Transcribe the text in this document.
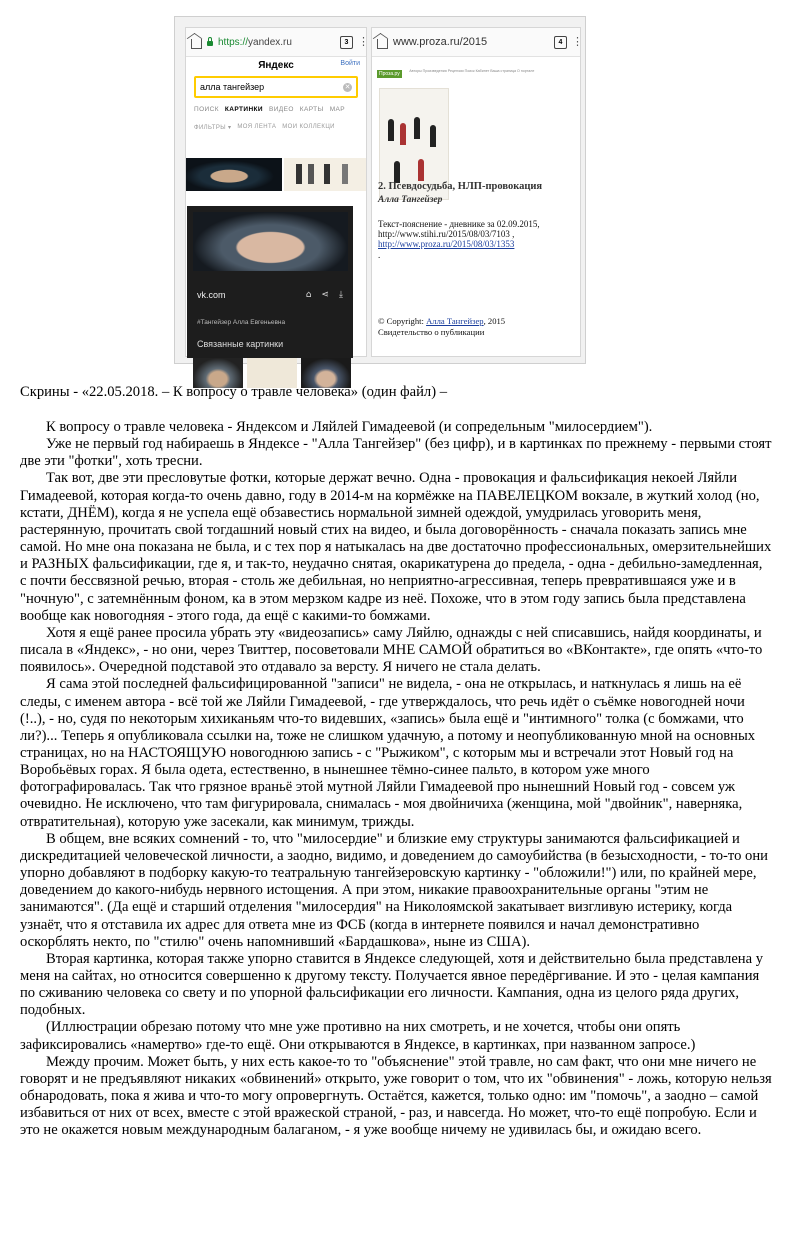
https://yandex.ru	3 ⋮
Яндекс	Войти
алла тангейзер	✕
ПОИСК КАРТИНКИ ВИДЕО КАРТЫ МАР
ФИЛЬТРЫ ▾ МОЯ ЛЕНТА МОИ КОЛЛЕКЦИ
vk.com	⌂ ⋖ ⤓
#Тангейзер Алла Евгеньевна
Связанные картинки
www.proza.ru/2015	4 ⋮
Проза.ру Авторы Произведения Рецензии Поиск Кабинет Ваша страница О портале
2. Псевдосудьба, НЛП-провокация
Алла Тангейзер
Текст-пояснение - дневнике за 02.09.2015,
http://www.stihi.ru/2015/08/03/7103 ,
http://www.proza.ru/2015/08/03/1353
.
© Copyright: Алла Тангейзер, 2015
Свидетельство о публикации
Скрины - «22.05.2018. – К вопросу о травле человека» (один файл) –

К вопросу о травле человека - Яндексом и Ляйлей Гимадеевой (и сопредельным "милосердием").

Уже не первый год набираешь в Яндексе - "Алла Тангейзер" (без цифр), и в картинках по прежнему - первыми стоят две эти "фотки", хоть тресни.

Так вот, две эти пресловутые фотки, которые держат вечно. Одна - провокация и фальсификация некоей Ляйли Гимадеевой, которая когда-то очень давно, году в 2014-м на кормёжке на ПАВЕЛЕЦКОМ вокзале, в жуткий холод (но, кстати, ДНЁМ), когда я не успела ещё обзавестись нормальной зимней одеждой, умудрилась уговорить меня, растерянную, прочитать свой тогдашний новый стих на видео, и была договорённость - сначала показать запись мне самой. Но мне она показана не была, и с тех пор я натыкалась на две достаточно профессиональных, омерзительнейших и РАЗНЫХ фальсификации, где я, и так-то, неудачно снятая, окарикатурена до предела, - одна - дебильно-замедленная, с почти бессвязной речью, вторая - столь же дебильная, но неприятно-агрессивная, теперь превратившаяся уже и в "ночную", с затемнённым фоном, ка в этом мерзком кадре из неё. Похоже, что в этом году запись была представлена вообще как новогодняя - этого года, да ещё с какими-то бомжами.

Хотя я ещё ранее просила убрать эту «видеозапись» саму Ляйлю, однажды с ней списавшись, найдя координаты, и писала в «Яндекс», - но они, через Твиттер, посоветовали МНЕ САМОЙ обратиться во «ВКонтакте», где опять «что-то появилось». Очередной подставой это отдавало за версту. Я ничего не стала делать.

Я сама этой последней фальсифицированной "записи" не видела, - она не открылась, и наткнулась я лишь на её следы, с именем автора - всё той же Ляйли Гимадеевой, - где утверждалось, что речь идёт о съёмке новогодней ночи (!..), - но, судя по некоторым хихиканьям что-то видевших, «запись» была ещё и "интимного" толка (с бомжами, что ли?)... Теперь я опубликовала ссылки на, тоже не слишком удачную, а потому и неопубликованную мной на основных страницах, но на НАСТОЯЩУЮ новогоднюю запись - с "Рыжиком", с которым мы и встречали этот Новый год на Воробьёвых горах. Я была одета, естественно, в нынешнее тёмно-синее пальто, в котором уже много фотографировалась. Так что грязное враньё этой мутной Ляйли Гимадеевой про нынешний Новый год - совсем уж очевидно. Не исключено, что там фигурировала, снималась - моя двойничиха (женщина, мой "двойник", наверняка, отвратительная), которую уже засекали, как минимум, трижды.

В общем, вне всяких сомнений - то, что "милосердие" и близкие ему структуры занимаются фальсификацией и дискредитацией человеческой личности, а заодно, видимо, и доведением до самоубийства (в безысходности, - то-то они упорно добавляют в подборку какую-то театральную тангейзеровскую картинку - "обложили!") или, по крайней мере, доведением до какого-нибудь нервного истощения. А при этом, никакие правоохранительные органы "этим не занимаются". (Да ещё и старший отделения "милосердия" на Николоямской закатывает визгливую истерику, когда узнаёт, что я отставила их адрес для ответа мне из ФСБ (когда в интернете появился и начал демонстративно оскорблять некто, по "стилю" очень напомнивший «Бардашкова», ныне из США).

Вторая картинка, которая также упорно ставится в Яндексе следующей, хотя и действительно была представлена у меня на сайтах, но относится совершенно к другому тексту. Получается явное передёргивание. И это - целая кампания по сживанию человека со свету и по упорной фальсификации его личности. Кампания, одна из целого ряда других, подобных.

(Иллюстрации обрезаю потому что мне уже противно на них смотреть, и не хочется, чтобы они опять зафиксировались «намертво» где-то ещё. Они открываются в Яндексе, в картинках, при названном запросе.)

Между прочим. Может быть, у них есть какое-то то "объяснение" этой травле, но сам факт, что они мне ничего не говорят и не предъявляют никаких «обвинений» открыто, уже говорит о том, что их "обвинения" - ложь, которую нельзя обнародовать, пока я жива и что-то могу опровергнуть. Остаётся, кажется, только одно: им "помочь", а заодно – самой избавиться от них от всех, вместе с этой вражеской страной, - раз, и навсегда. Но может, что-то ещё попробую. Если и это не окажется новым международным балаганом, - я уже вообще ничему не удивилась бы, и ожидаю всего.
